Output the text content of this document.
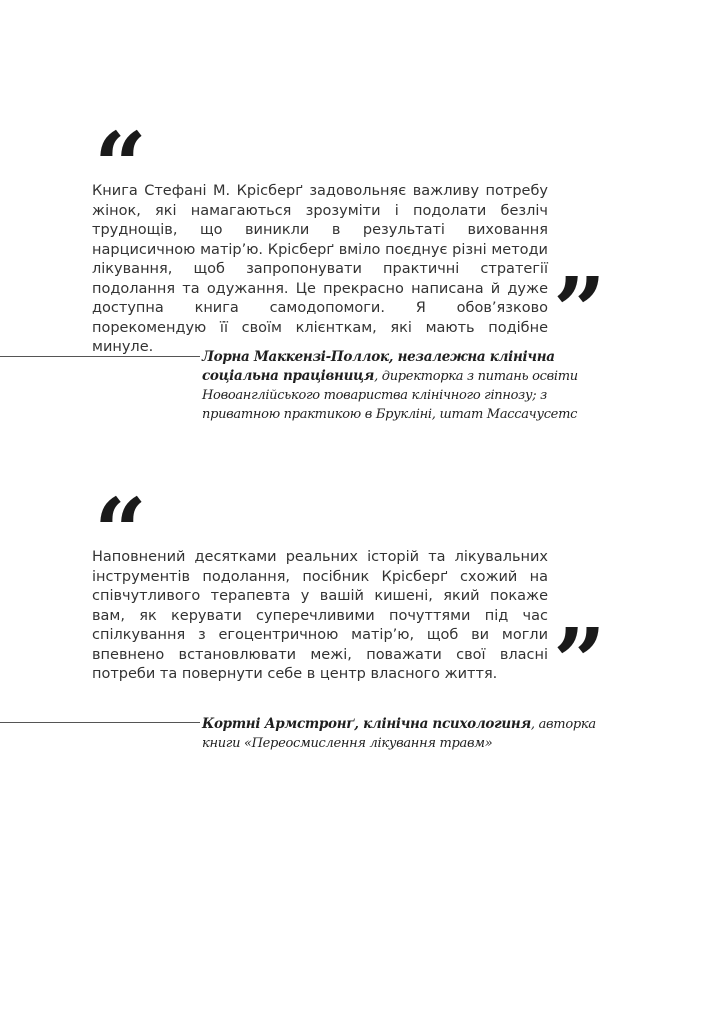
“

Книга Стефані М. Крісберґ задовольняє важливу потребу жінок, які намагаються зрозуміти і подолати безліч труднощів, що виникли в результаті виховання нарцисичною матір’ю. Крісберґ вміло поєднує різні методи лікування, щоб запропонувати практичні стратегії подолання та одужання. Це прекрасно написана й дуже доступна книга самодопомоги. Я обов’язково порекомендую її своїм клієнткам, які мають подібне минуле.	”

Лорна Маккензі-Поллок, незалежна клінічна соціальна працівниця, директорка з питань освіти Новоанглійського товариства клінічного гіпнозу; з приватною практикою в Брукліні, штат Массачусетс

“

Наповнений десятками реальних історій та лікувальних інструментів подолання, посібник Крісберґ схожий на співчутливого терапевта у вашій кишені, який покаже вам, як керувати суперечливими почуттями під час спілкування з егоцентричною матір’ю, щоб ви могли впевнено встановлювати межі, поважати свої власні потреби та повернути себе в центр власного життя. ”

Кортні Армстронґ, клінічна психологиня, авторка книги «Переосмислення лікування травм»
